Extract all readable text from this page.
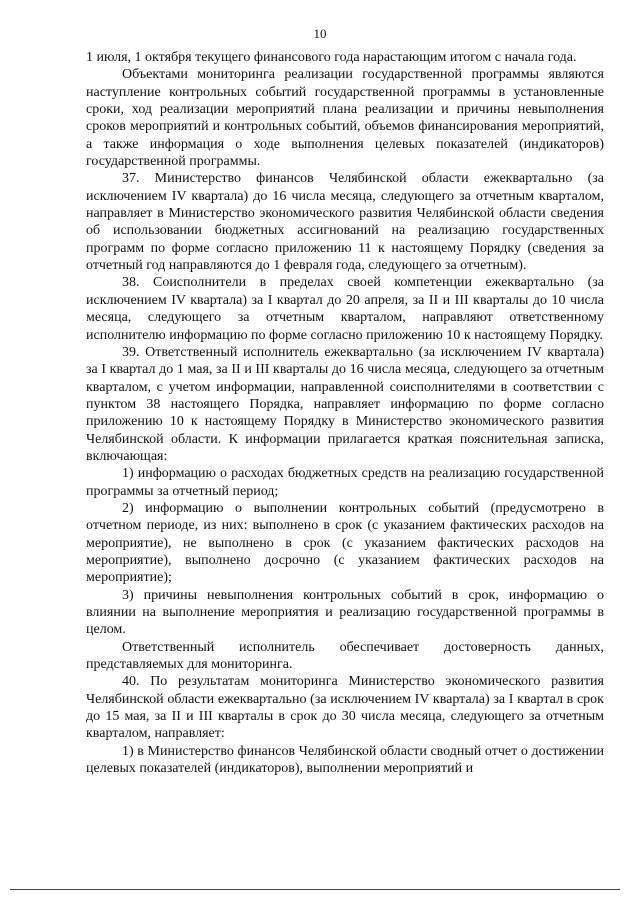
10

1 июля, 1 октября текущего финансового года нарастающим итогом с начала года.

Объектами мониторинга реализации государственной программы являются наступление контрольных событий государственной программы в установленные сроки, ход реализации мероприятий плана реализации и причины невыполнения сроков мероприятий и контрольных событий, объемов финансирования мероприятий, а также информация о ходе выполнения целевых показателей (индикаторов) государственной программы.

37. Министерство финансов Челябинской области ежеквартально (за исключением IV квартала) до 16 числа месяца, следующего за отчетным кварталом, направляет в Министерство экономического развития Челябинской области сведения об использовании бюджетных ассигнований на реализацию государственных программ по форме согласно приложению 11 к настоящему Порядку (сведения за отчетный год направляются до 1 февраля года, следующего за отчетным).

38. Соисполнители в пределах своей компетенции ежеквартально (за исключением IV квартала) за I квартал до 20 апреля, за II и III кварталы до 10 числа месяца, следующего за отчетным кварталом, направляют ответственному исполнителю информацию по форме согласно приложению 10 к настоящему Порядку.

39. Ответственный исполнитель ежеквартально (за исключением IV квартала) за I квартал до 1 мая, за II и III кварталы до 16 числа месяца, следующего за отчетным кварталом, с учетом информации, направленной соисполнителями в соответствии с пунктом 38 настоящего Порядка, направляет информацию по форме согласно приложению 10 к настоящему Порядку в Министерство экономического развития Челябинской области. К информации прилагается краткая пояснительная записка, включающая:

1) информацию о расходах бюджетных средств на реализацию государственной программы за отчетный период;

2) информацию о выполнении контрольных событий (предусмотрено в отчетном периоде, из них: выполнено в срок (с указанием фактических расходов на мероприятие), не выполнено в срок (с указанием фактических расходов на мероприятие), выполнено досрочно (с указанием фактических расходов на мероприятие);

3) причины невыполнения контрольных событий в срок, информацию о влиянии на выполнение мероприятия и реализацию государственной программы в целом.

Ответственный исполнитель обеспечивает достоверность данных, представляемых для мониторинга.

40. По результатам мониторинга Министерство экономического развития Челябинской области ежеквартально (за исключением IV квартала) за I квартал в срок до 15 мая, за II и III кварталы в срок до 30 числа месяца, следующего за отчетным кварталом, направляет:

1) в Министерство финансов Челябинской области сводный отчет о достижении целевых показателей (индикаторов), выполнении мероприятий и
